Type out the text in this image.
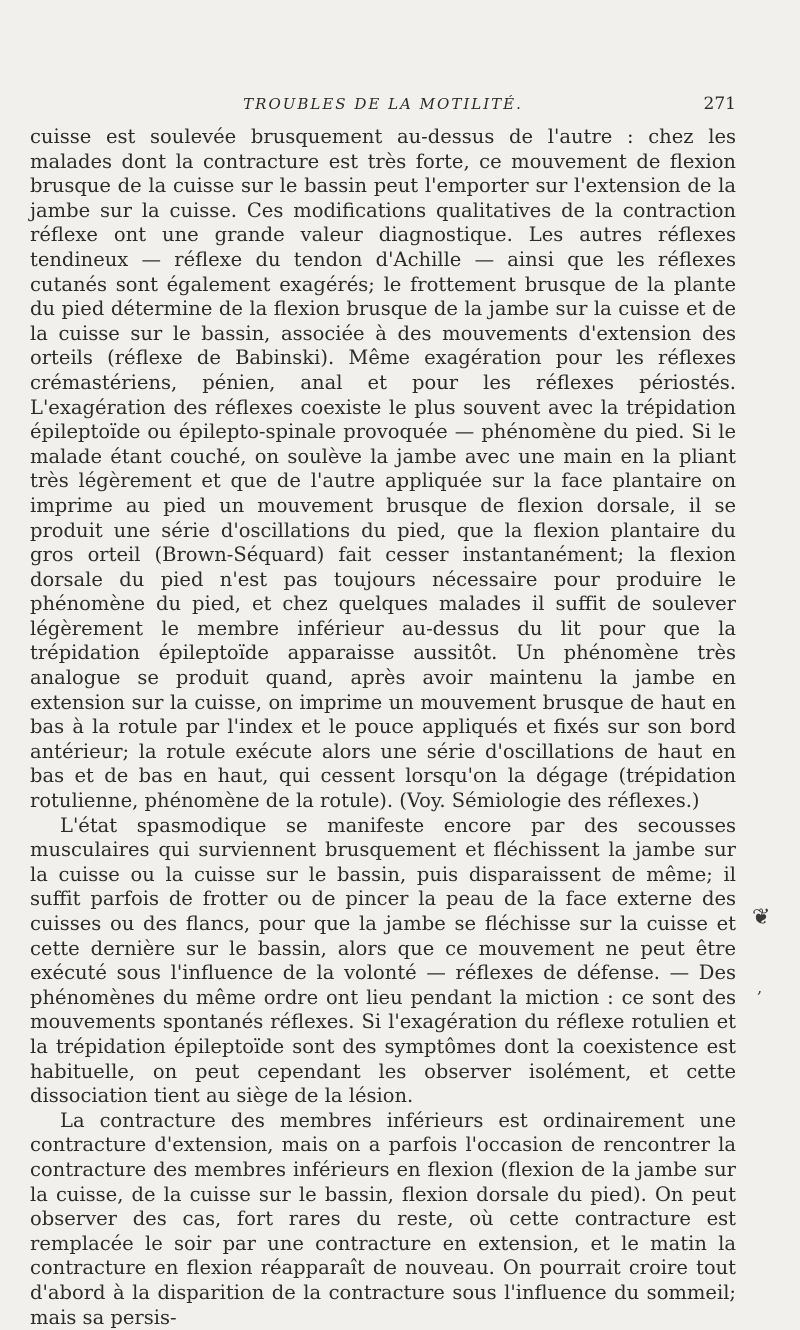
TROUBLES DE LA MOTILITÉ.	271

cuisse est soulevée brusquement au-dessus de l'autre : chez les malades dont la contracture est très forte, ce mouvement de flexion brusque de la cuisse sur le bassin peut l'emporter sur l'extension de la jambe sur la cuisse. Ces modifications qualitatives de la contraction réflexe ont une grande valeur diagnostique. Les autres réflexes tendineux — réflexe du tendon d'Achille — ainsi que les réflexes cutanés sont également exagérés; le frottement brusque de la plante du pied détermine de la flexion brusque de la jambe sur la cuisse et de la cuisse sur le bassin, associée à des mouvements d'extension des orteils (réflexe de Babinski). Même exagération pour les réflexes crémastériens, pénien, anal et pour les réflexes périostés. L'exagération des réflexes coexiste le plus souvent avec la trépidation épileptoïde ou épilepto-spinale provoquée — phénomène du pied. Si le malade étant couché, on soulève la jambe avec une main en la pliant très légèrement et que de l'autre appliquée sur la face plantaire on imprime au pied un mouvement brusque de flexion dorsale, il se produit une série d'oscillations du pied, que la flexion plantaire du gros orteil (Brown-Séquard) fait cesser instantanément; la flexion dorsale du pied n'est pas toujours nécessaire pour produire le phénomène du pied, et chez quelques malades il suffit de soulever légèrement le membre inférieur au-dessus du lit pour que la trépidation épileptoïde apparaisse aussitôt. Un phénomène très analogue se produit quand, après avoir maintenu la jambe en extension sur la cuisse, on imprime un mouvement brusque de haut en bas à la rotule par l'index et le pouce appliqués et fixés sur son bord antérieur; la rotule exécute alors une série d'oscillations de haut en bas et de bas en haut, qui cessent lorsqu'on la dégage (trépidation rotulienne, phénomène de la rotule). (Voy. Sémiologie des réflexes.)

L'état spasmodique se manifeste encore par des secousses musculaires qui surviennent brusquement et fléchissent la jambe sur la cuisse ou la cuisse sur le bassin, puis disparaissent de même; il suffit parfois de frotter ou de pincer la peau de la face externe des cuisses ou des flancs, pour que la jambe se fléchisse sur la cuisse et cette dernière sur le bassin, alors que ce mouvement ne peut être exécuté sous l'influence de la volonté — réflexes de défense. — Des phénomènes du même ordre ont lieu pendant la miction : ce sont des mouvements spontanés réflexes. Si l'exagération du réflexe rotulien et la trépidation épileptoïde sont des symptômes dont la coexistence est habituelle, on peut cependant les observer isolément, et cette dissociation tient au siège de la lésion.

La contracture des membres inférieurs est ordinairement une contracture d'extension, mais on a parfois l'occasion de rencontrer la contracture des membres inférieurs en flexion (flexion de la jambe sur la cuisse, de la cuisse sur le bassin, flexion dorsale du pied). On peut observer des cas, fort rares du reste, où cette contracture est remplacée le soir par une contracture en extension, et le matin la contracture en flexion réapparaît de nouveau. On pourrait croire tout d'abord à la disparition de la contracture sous l'influence du sommeil; mais sa persis-

❦
‚
